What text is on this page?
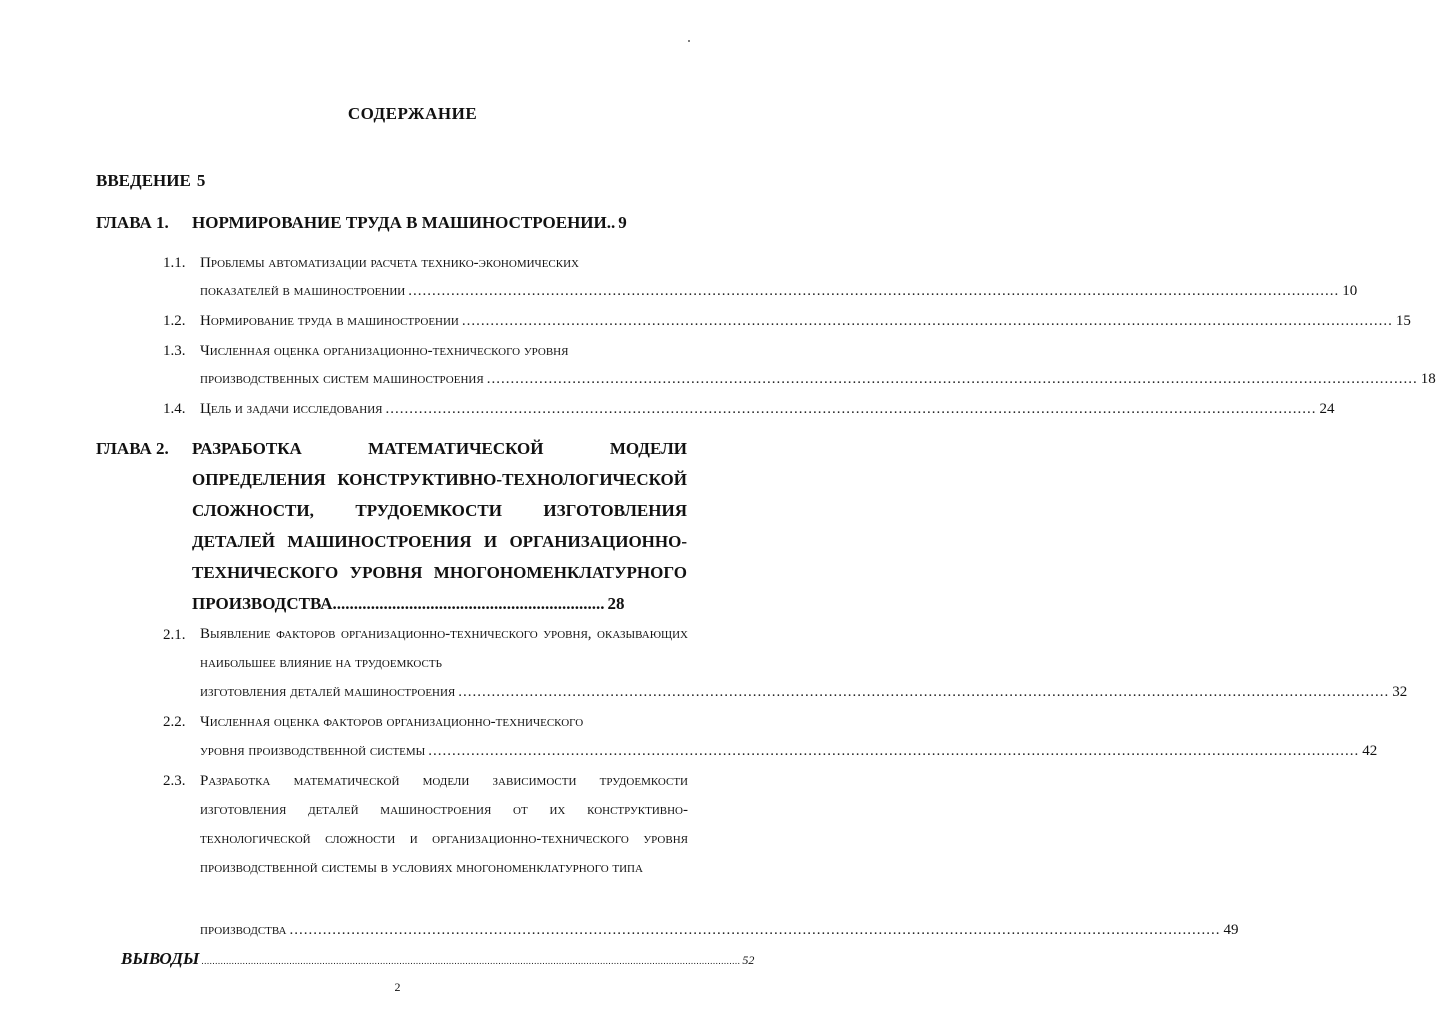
СОДЕРЖАНИЕ
ВВЕДЕНИЕ 5
ГЛАВА 1. НОРМИРОВАНИЕ ТРУДА В МАШИНОСТРОЕНИИ.. 9
1.1. Проблемы автоматизации расчета технико-экономических
показателей в машиностроении .................................................................................................................................................................................................... 10
1.2. Нормирование труда в машиностроении .................................................................................................................................................................................................... 15
1.3. Численная оценка организационно-технического уровня
производственных систем машиностроения .................................................................................................................................................................................................... 18
1.4. Цель и задачи исследования .................................................................................................................................................................................................... 24
ГЛАВА 2. РАЗРАБОТКА МАТЕМАТИЧЕСКОЙ МОДЕЛИ ОПРЕДЕЛЕНИЯ КОНСТРУКТИВНО-ТЕХНОЛОГИЧЕСКОЙ СЛОЖНОСТИ, ТРУДОЕМКОСТИ ИЗГОТОВЛЕНИЯ ДЕТАЛЕЙ МАШИНОСТРОЕНИЯ И ОРГАНИЗАЦИОННО-ТЕХНИЧЕСКОГО УРОВНЯ МНОГОНОМЕНКЛАТУРНОГО ПРОИЗВОДСТВА................................................................ 28
2.1. Выявление факторов организационно-технического уровня, оказывающих наибольшее влияние на трудоемкость
изготовления деталей машиностроения .................................................................................................................................................................................................... 32
2.2. Численная оценка факторов организационно-технического
уровня производственной системы .................................................................................................................................................................................................... 42
2.3. Разработка математической модели зависимости трудоемкости изготовления деталей машиностроения от их конструктивно-технологической сложности и организационно-технического уровня производственной системы в условиях многономенклатурного типа
производства .................................................................................................................................................................................................... 49
ВЫВОДЫ .................................................................................................................................................................................................... 52
2
